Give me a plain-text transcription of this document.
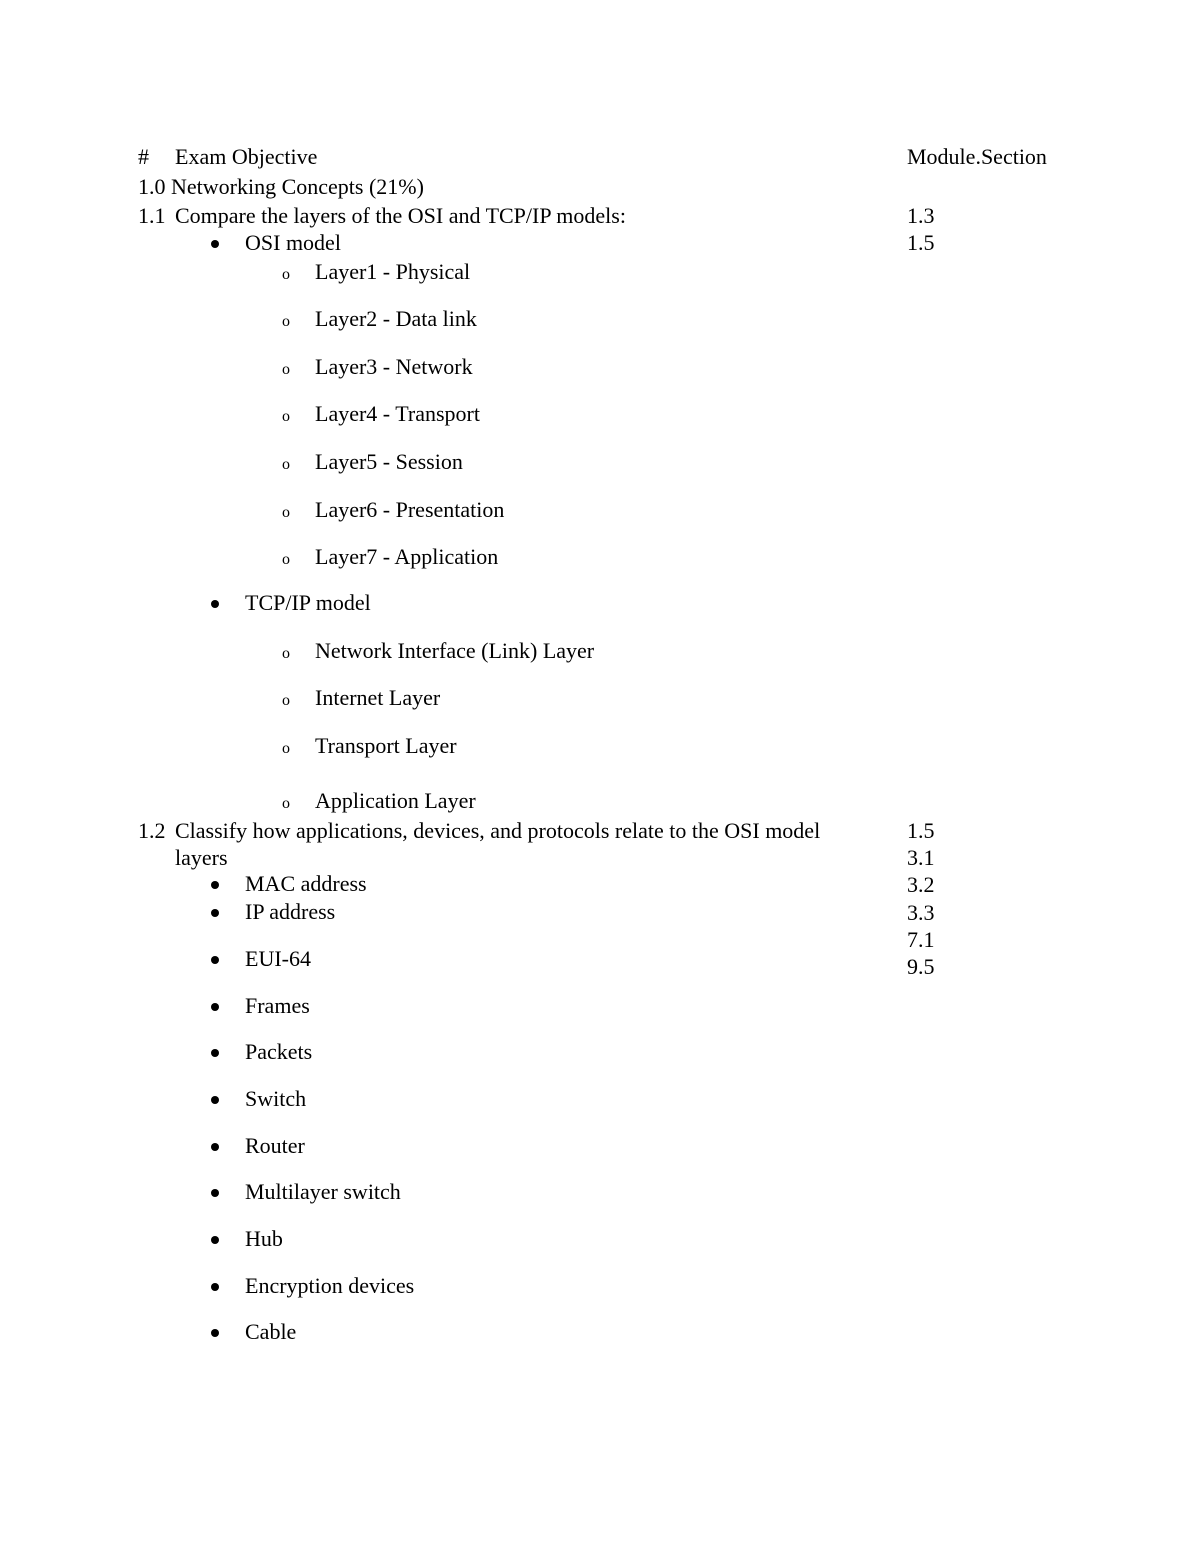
# Exam Objective	Module.Section
1.0 Networking Concepts (21%)
1.1 Compare the layers of the OSI and TCP/IP models:	1.3
1.5
OSI model
o Layer1 - Physical
o Layer2 - Data link
o Layer3 - Network
o Layer4 - Transport
o Layer5 - Session
o Layer6 - Presentation
o Layer7 - Application
TCP/IP model
o Network Interface (Link) Layer
o Internet Layer
o Transport Layer
o Application Layer
1.2 Classify how applications, devices, and protocols relate to the OSI model
layers
1.5
3.1
3.2
3.3
7.1
9.5
MAC address
IP address
EUI-64
Frames
Packets
Switch
Router
Multilayer switch
Hub
Encryption devices
Cable
